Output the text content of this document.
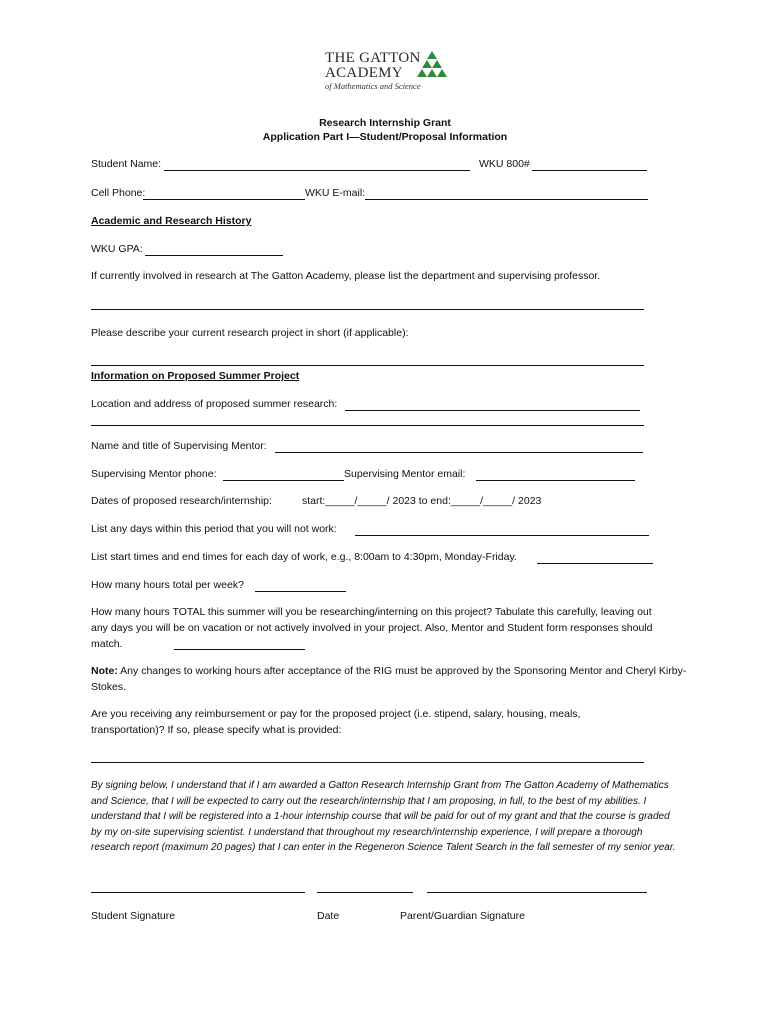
THE GATTON
ACADEMY
of Mathematics and Science
Research Internship Grant
Application Part I—Student/Proposal Information
Student Name:	WKU 800#
Cell Phone:	WKU E-mail:
Academic and Research History
WKU GPA:
If currently involved in research at The Gatton Academy, please list the department and supervising professor.
Please describe your current research project in short (if applicable):
Information on Proposed Summer Project
Location and address of proposed summer research:
Name and title of Supervising Mentor:
Supervising Mentor phone:	Supervising Mentor email:
Dates of proposed research/internship:	start:_____/_____/ 2023 to end:_____/_____/ 2023
List any days within this period that you will not work:
List start times and end times for each day of work, e.g., 8:00am to 4:30pm, Monday-Friday.
How many hours total per week?
How many hours TOTAL this summer will you be researching/interning on this project? Tabulate this carefully, leaving out any days you will be on vacation or not actively involved in your project. Also, Mentor and Student form responses should match.
Note: Any changes to working hours after acceptance of the RIG must be approved by the Sponsoring Mentor and Cheryl Kirby-Stokes.
Are you receiving any reimbursement or pay for the proposed project (i.e. stipend, salary, housing, meals, transportation)? If so, please specify what is provided:
By signing below, I understand that if I am awarded a Gatton Research Internship Grant from The Gatton Academy of Mathematics and Science, that I will be expected to carry out the research/internship that I am proposing, in full, to the best of my abilities. I understand that I will be registered into a 1-hour internship course that will be paid for out of my grant and that the course is graded by my on-site supervising scientist. I understand that throughout my research/internship experience, I will prepare a thorough research report (maximum 20 pages) that I can enter in the Regeneron Science Talent Search in the fall semester of my senior year.
Student Signature	Date	Parent/Guardian Signature
